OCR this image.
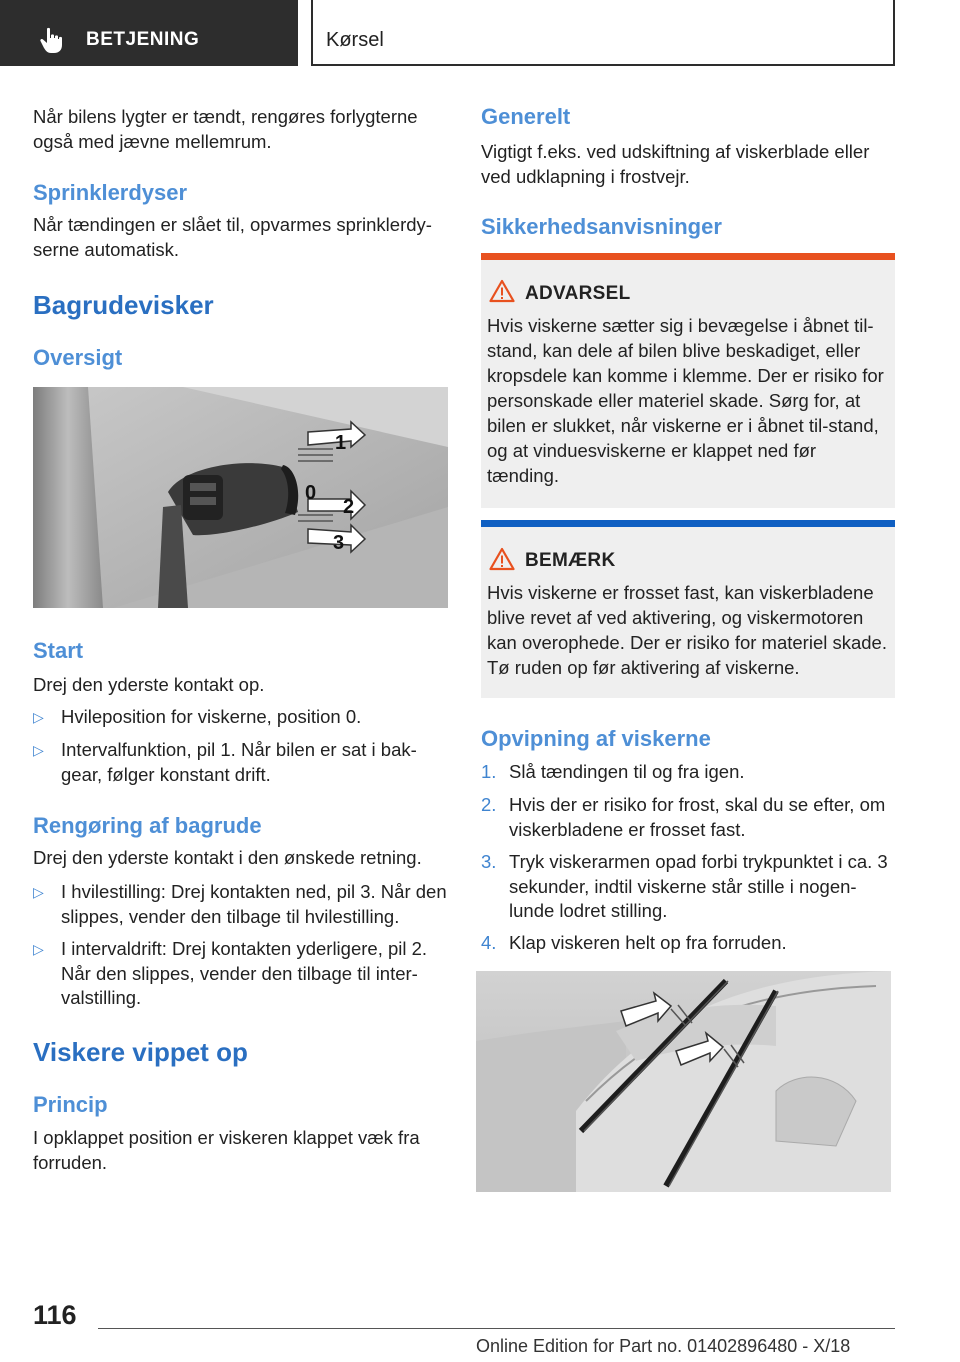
BETJENING	Kørsel

Når bilens lygter er tændt, rengøres forlygterne også med jævne mellemrum.

Sprinklerdyser

Når tændingen er slået til, opvarmes sprinklerdy-serne automatisk.

Bagrudevisker
Oversigt
1
0
2
3
Start

Drej den yderste kontakt op.

▷ Hvileposition for viskerne, position 0.
▷ Intervalfunktion, pil 1. Når bilen er sat i bak-gear, følger konstant drift.
Rengøring af bagrude

Drej den yderste kontakt i den ønskede retning.

▷ I hvilestilling: Drej kontakten ned, pil 3. Når den slippes, vender den tilbage til hvilestilling.
▷ I intervaldrift: Drej kontakten yderligere, pil 2. Når den slippes, vender den tilbage til inter-valstilling.
Viskere vippet op
Princip

I opklappet position er viskeren klappet væk fra forruden.

Generelt

Vigtigt f.eks. ved udskiftning af viskerblade eller ved udklapning i frostvejr.

Sikkerhedsanvisninger
ADVARSEL
Hvis viskerne sætter sig i bevægelse i åbnet til-stand, kan dele af bilen blive beskadiget, eller kropsdele kan komme i klemme. Der er risiko for personskade eller materiel skade. Sørg for, at bilen er slukket, når viskerne er i åbnet til-stand, og at vinduesviskerne er klappet ned før tænding.
BEMÆRK
Hvis viskerne er frosset fast, kan viskerbladene blive revet af ved aktivering, og viskermotoren kan overophede. Der er risiko for materiel skade. Tø ruden op før aktivering af viskerne.
Opvipning af viskerne
1. Slå tændingen til og fra igen.
2. Hvis der er risiko for frost, skal du se efter, om viskerbladene er frosset fast.
3. Tryk viskerarmen opad forbi trykpunktet i ca. 3 sekunder, indtil viskerne står stille i nogen-lunde lodret stilling.
4. Klap viskeren helt op fra forruden.
116
Online Edition for Part no. 01402896480 - X/18
